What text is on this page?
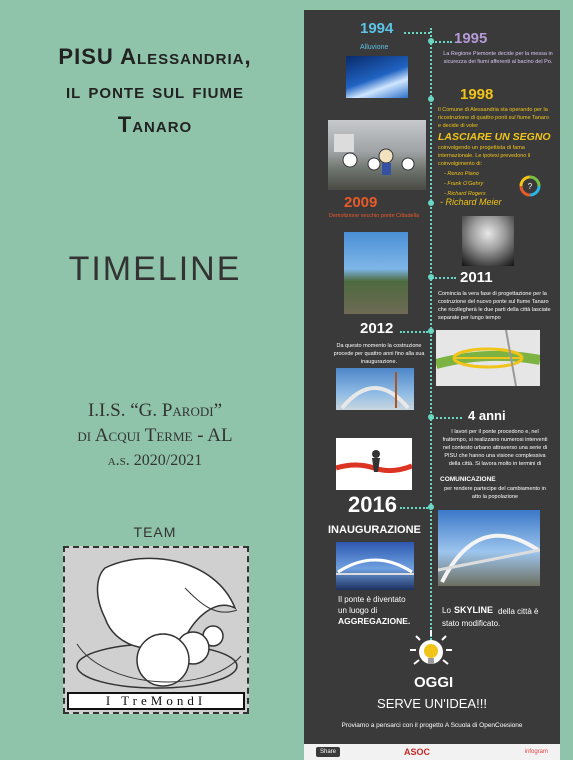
PISU Alessandria,
il ponte sul fiume
Tanaro
TIMELINE
I.I.S. “G. Parodi”
di Acqui Terme - AL
a.s. 2020/2021
TEAM
I TreMondI
1994
Alluvione
1995
La Regione Piemonte decide per la messa in sicurezza dei fiumi afferenti al bacino del Po.
1998
Il Comune di Alessandria sta operando per la ricostruzione di quattro ponti sul fiume Tanaro e decide di voler
LASCIARE UN SEGNO
coinvolgendo un progettista di fama internazionale. Le ipotesi prevedono il coinvolgimento di:
- Renzo Piano
- Frank O'Gehry
- Richard Rogers
- Richard Meier
?
2009
Demolizione vecchio ponte Cittadella
2011
Comincia la vera fase di progettazione per la costruzione del nuovo ponte sul fiume Tanaro che ricollegherà le due parti della città lasciate separate per lungo tempo
2012
Da questo momento la costruzione procede per quattro anni fino alla sua inaugurazione.
4 anni
I lavori per il ponte procedono e, nel frattempo, si realizzano numerosi interventi nel contesto urbano attraverso una serie di PISU che hanno una visione complessiva della città. Si lavora molto in termini di
COMUNICAZIONE
per rendere partecipe del cambiamento in atto la popolazione
2016
INAUGURAZIONE
Il ponte è diventato un luogo di
AGGREGAZIONE.
Lo SKYLINE della città è stato modificato.
OGGI
SERVE UN'IDEA!!!
Proviamo a pensarci con il progetto A Scuola di OpenCoesione
Share	ASOC	infogram
